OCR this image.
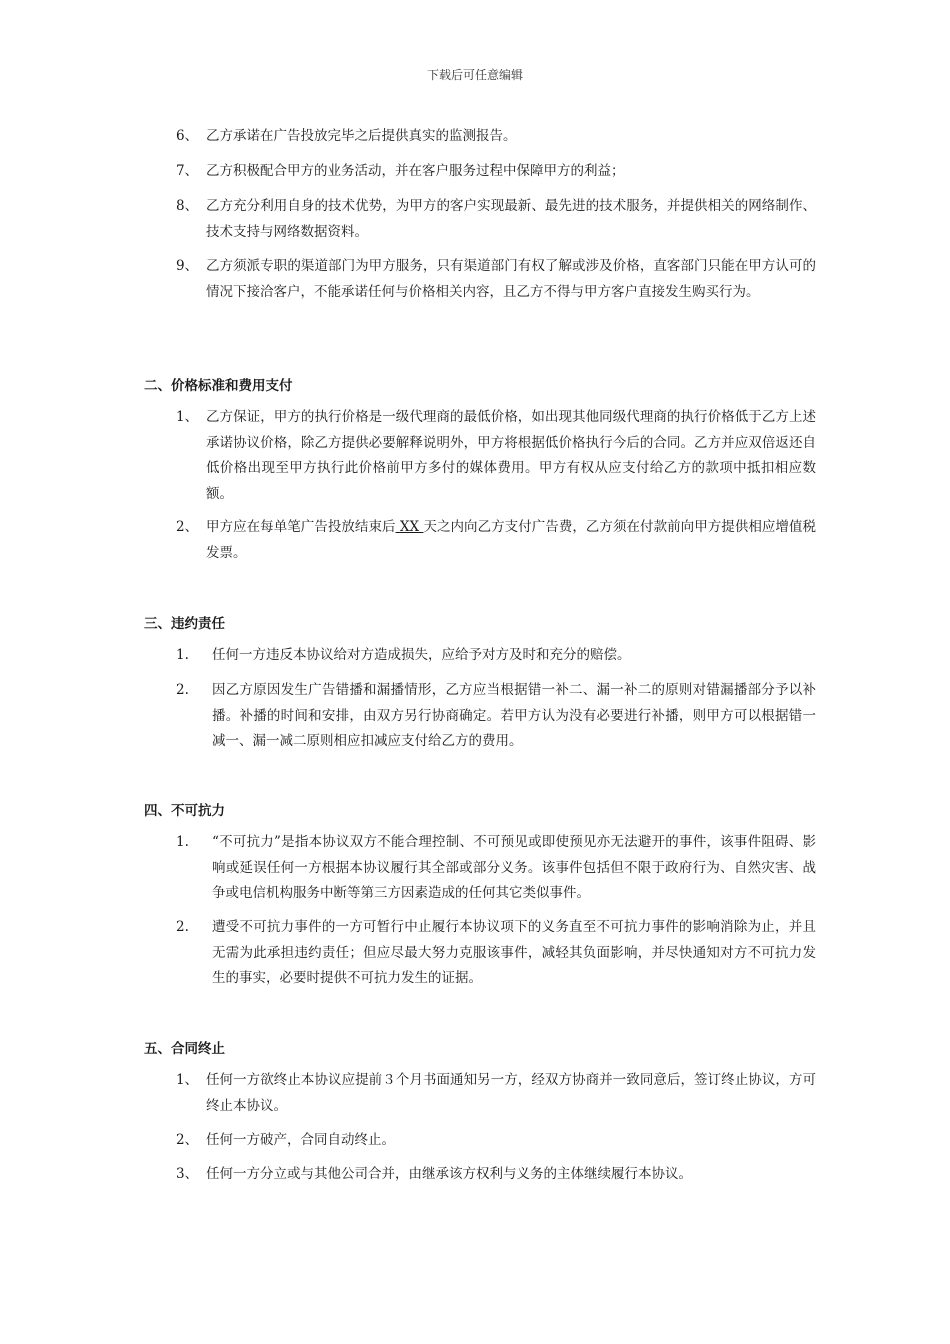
下载后可任意编辑
6、 乙方承诺在广告投放完毕之后提供真实的监测报告。
7、 乙方积极配合甲方的业务活动，并在客户服务过程中保障甲方的利益；
8、 乙方充分利用自身的技术优势，为甲方的客户实现最新、最先进的技术服务，并提供相关的网络制作、技术支持与网络数据资料。
9、 乙方须派专职的渠道部门为甲方服务，只有渠道部门有权了解或涉及价格，直客部门只能在甲方认可的情况下接洽客户，不能承诺任何与价格相关内容，且乙方不得与甲方客户直接发生购买行为。
二、价格标准和费用支付
1、 乙方保证，甲方的执行价格是一级代理商的最低价格，如出现其他同级代理商的执行价格低于乙方上述承诺协议价格，除乙方提供必要解释说明外，甲方将根据低价格执行今后的合同。乙方并应双倍返还自低价格出现至甲方执行此价格前甲方多付的媒体费用。甲方有权从应支付给乙方的款项中抵扣相应数额。
2、 甲方应在每单笔广告投放结束后 XX 天之内向乙方支付广告费，乙方须在付款前向甲方提供相应增值税发票。
三、违约责任
1.	任何一方违反本协议给对方造成损失，应给予对方及时和充分的赔偿。
2.	因乙方原因发生广告错播和漏播情形，乙方应当根据错一补二、漏一补二的原则对错漏播部分予以补播。补播的时间和安排，由双方另行协商确定。若甲方认为没有必要进行补播，则甲方可以根据错一减一、漏一减二原则相应扣减应支付给乙方的费用。
四、不可抗力
1.	“不可抗力”是指本协议双方不能合理控制、不可预见或即使预见亦无法避开的事件，该事件阻碍、影响或延误任何一方根据本协议履行其全部或部分义务。该事件包括但不限于政府行为、自然灾害、战争或电信机构服务中断等第三方因素造成的任何其它类似事件。
2.	遭受不可抗力事件的一方可暂行中止履行本协议项下的义务直至不可抗力事件的影响消除为止，并且无需为此承担违约责任；但应尽最大努力克服该事件，减轻其负面影响，并尽快通知对方不可抗力发生的事实，必要时提供不可抗力发生的证据。
五、合同终止
1、 任何一方欲终止本协议应提前３个月书面通知另一方，经双方协商并一致同意后，签订终止协议，方可终止本协议。
2、 任何一方破产，合同自动终止。
3、 任何一方分立或与其他公司合并，由继承该方权利与义务的主体继续履行本协议。
